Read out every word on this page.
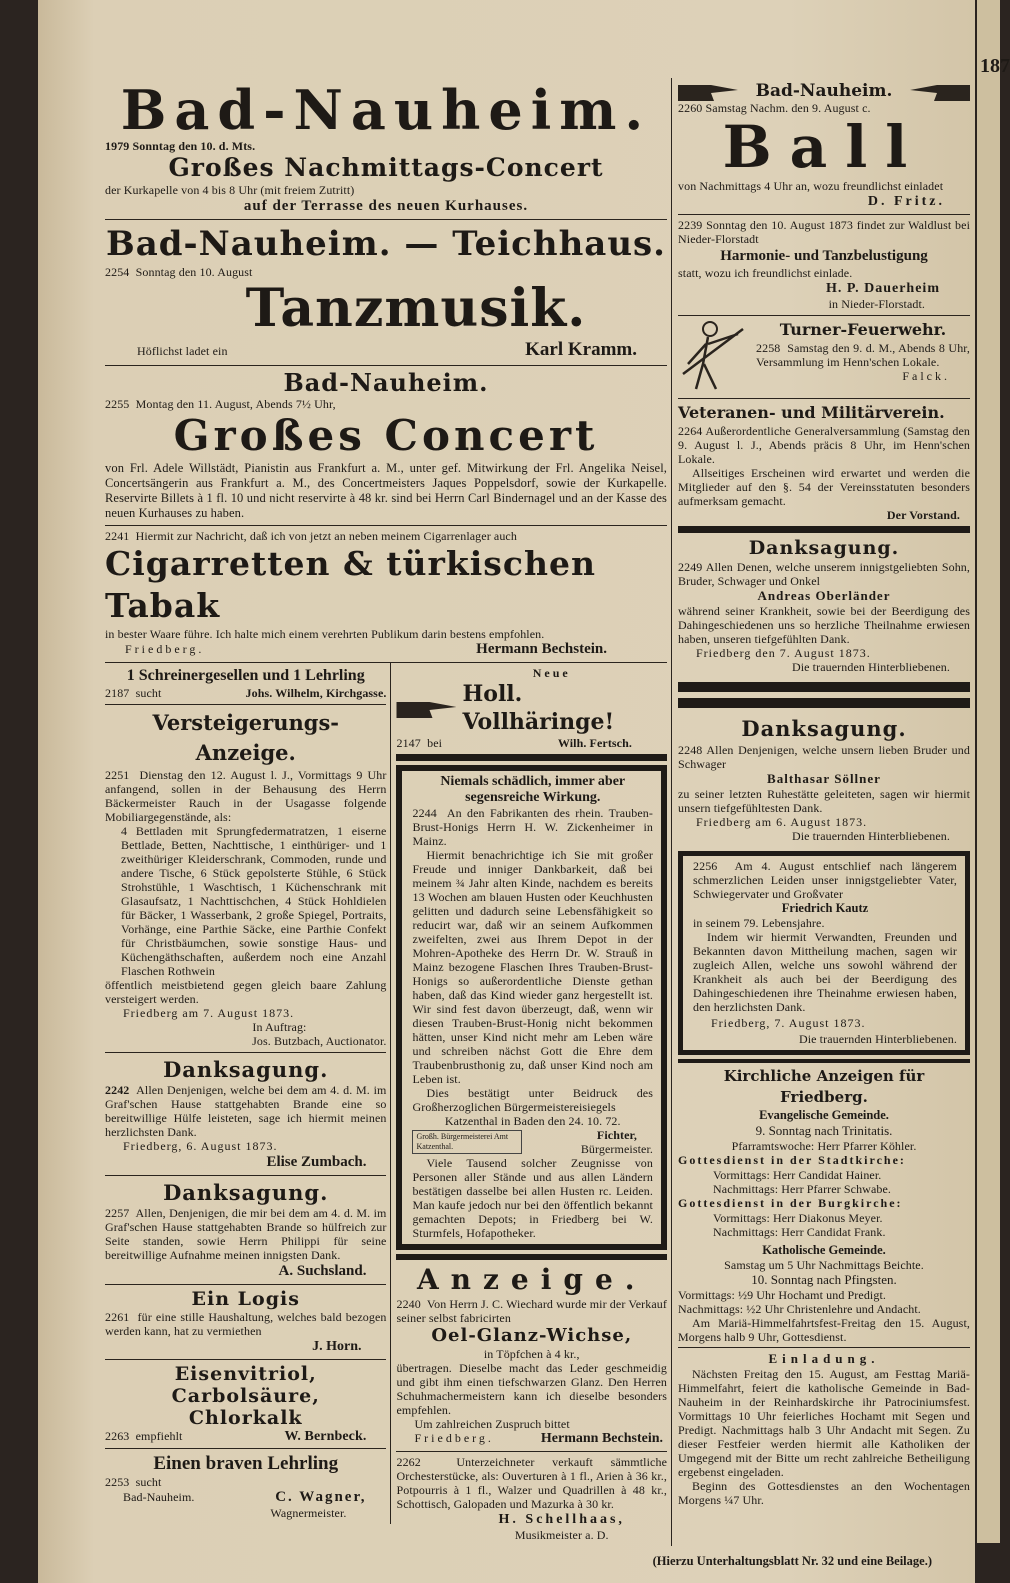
187
Bad-Nauheim.
1979 Sonntag den 10. d. Mts.
Großes Nachmittags-Concert
der Kurkapelle von 4 bis 8 Uhr (mit freiem Zutritt)
auf der Terrasse des neuen Kurhauses.
Bad-Nauheim. — Teichhaus.
2254 Sonntag den 10. August
Tanzmusik.
Höflichst ladet ein	Karl Kramm.
Bad-Nauheim.
2255 Montag den 11. August, Abends 7½ Uhr,
Großes Concert
von Frl. Adele Willstädt, Pianistin aus Frankfurt a. M., unter gef. Mitwirkung der Frl. Angelika Neisel, Concertsängerin aus Frankfurt a. M., des Concertmeisters Jaques Poppelsdorf, sowie der Kurkapelle. Reservirte Billets à 1 fl. 10 und nicht reservirte à 48 kr. sind bei Herrn Carl Bindernagel und an der Kasse des neuen Kurhauses zu haben.
2241 Hiermit zur Nachricht, daß ich von jetzt an neben meinem Cigarrenlager auch
Cigarretten & türkischen Tabak
in bester Waare führe. Ich halte mich einem verehrten Publikum darin bestens empfohlen.
Friedberg.	Hermann Bechstein.
1 Schreinergesellen und 1 Lehrling
2187 sucht	Johs. Wilhelm, Kirchgasse.
Versteigerungs-Anzeige.
2251 Dienstag den 12. August l. J., Vormittags 9 Uhr anfangend, sollen in der Behausung des Herrn Bäckermeister Rauch in der Usagasse folgende Mobiliargegenstände, als:
4 Bettladen mit Sprungfedermatratzen, 1 eiserne Bettlade, Betten, Nachttische, 1 einthüriger- und 1 zweithüriger Kleiderschrank, Commoden, runde und andere Tische, 6 Stück gepolsterte Stühle, 6 Stück Strohstühle, 1 Waschtisch, 1 Küchenschrank mit Glasaufsatz, 1 Nachttischchen, 4 Stück Hohldielen für Bäcker, 1 Wasserbank, 2 große Spiegel, Portraits, Vorhänge, eine Parthie Säcke, eine Parthie Confekt für Christbäumchen, sowie sonstige Haus- und Küchengäthschaften, außerdem noch eine Anzahl Flaschen Rothwein
öffentlich meistbietend gegen gleich baare Zahlung versteigert werden.
Friedberg am 7. August 1873.
In Auftrag:
Jos. Butzbach, Auctionator.
Danksagung.
2242 Allen Denjenigen, welche bei dem am 4. d. M. im Graf'schen Hause stattgehabten Brande eine so bereitwillige Hülfe leisteten, sage ich hiermit meinen herzlichsten Dank.
Friedberg, 6. August 1873.
Elise Zumbach.
Danksagung.
2257 Allen, Denjenigen, die mir bei dem am 4. d. M. im Graf'schen Hause stattgehabten Brande so hülfreich zur Seite standen, sowie Herrn Philippi für seine bereitwillige Aufnahme meinen innigsten Dank.
A. Suchsland.
Ein Logis
2261 für eine stille Haushaltung, welches bald bezogen werden kann, hat zu vermiethen
J. Horn.
Eisenvitriol,
Carbolsäure,
Chlorkalk
2263 empfiehlt	W. Bernbeck.
Einen braven Lehrling
2253 sucht
Bad-Nauheim.	C. Wagner,
Wagnermeister.
Neue
Holl. Vollhäringe!
2147 bei	Wilh. Fertsch.
Niemals schädlich, immer aber segensreiche Wirkung.
2244 An den Fabrikanten des rhein. Trauben-Brust-Honigs Herrn H. W. Zickenheimer in Mainz.
Hiermit benachrichtige ich Sie mit großer Freude und inniger Dankbarkeit, daß bei meinem ¾ Jahr alten Kinde, nachdem es bereits 13 Wochen am blauen Husten oder Keuchhusten gelitten und dadurch seine Lebensfähigkeit so reducirt war, daß wir an seinem Aufkommen zweifelten, zwei aus Ihrem Depot in der Mohren-Apotheke des Herrn Dr. W. Strauß in Mainz bezogene Flaschen Ihres Trauben-Brust-Honigs so außerordentliche Dienste gethan haben, daß das Kind wieder ganz hergestellt ist. Wir sind fest davon überzeugt, daß, wenn wir diesen Trauben-Brust-Honig nicht bekommen hätten, unser Kind nicht mehr am Leben wäre und schreiben nächst Gott die Ehre dem Traubenbrusthonig zu, daß unser Kind noch am Leben ist.
Dies bestätigt unter Beidruck des Großherzoglichen Bürgermeistereisiegels
Katzenthal in Baden den 24. 10. 72.
Großh. Bürgermeisterei Amt Katzenthal.
Fichter,
Bürgermeister.
Viele Tausend solcher Zeugnisse von Personen aller Stände und aus allen Ländern bestätigen dasselbe bei allen Husten rc. Leiden. Man kaufe jedoch nur bei den öffentlich bekannt gemachten Depots; in Friedberg bei W. Sturmfels, Hofapotheker.
Anzeige.
2240 Von Herrn J. C. Wiechard wurde mir der Verkauf seiner selbst fabricirten
Oel-Glanz-Wichse,
in Töpfchen à 4 kr.,
übertragen. Dieselbe macht das Leder geschmeidig und gibt ihm einen tiefschwarzen Glanz. Den Herren Schuhmachermeistern kann ich dieselbe besonders empfehlen.
Um zahlreichen Zuspruch bittet
Friedberg.	Hermann Bechstein.
2262	Unterzeichneter verkauft sämmtliche Orchesterstücke, als: Ouverturen à 1 fl., Arien à 36 kr., Potpourris à 1 fl., Walzer und Quadrillen à 48 kr., Schottisch, Galopaden und Mazurka à 30 kr.
H. Schellhaas,
Musikmeister a. D.
Bad-Nauheim.
2260 Samstag Nachm. den 9. August c.
Ball
von Nachmittags 4 Uhr an, wozu freundlichst einladet
D. Fritz.
2239 Sonntag den 10. August 1873 findet zur Waldlust bei Nieder-Florstadt
Harmonie- und Tanzbelustigung
statt, wozu ich freundlichst einlade.
H. P. Dauerheim
in Nieder-Florstadt.
Turner-Feuerwehr.
2258 Samstag den 9. d. M., Abends 8 Uhr, Versammlung im Henn'schen Lokale.
Falck.
Veteranen- und Militärverein.
2264 Außerordentliche Generalversammlung (Samstag den 9. August l. J., Abends präcis 8 Uhr, im Henn'schen Lokale.
Allseitiges Erscheinen wird erwartet und werden die Mitglieder auf den §. 54 der Vereinsstatuten besonders aufmerksam gemacht.
Der Vorstand.
Danksagung.
2249 Allen Denen, welche unserem innigstgeliebten Sohn, Bruder, Schwager und Onkel
Andreas Oberländer
während seiner Krankheit, sowie bei der Beerdigung des Dahingeschiedenen uns so herzliche Theilnahme erwiesen haben, unseren tiefgefühlten Dank.
Friedberg den 7. August 1873.
Die trauernden Hinterbliebenen.
Danksagung.
2248 Allen Denjenigen, welche unsern lieben Bruder und Schwager
Balthasar Söllner
zu seiner letzten Ruhestätte geleiteten, sagen wir hiermit unsern tiefgefühltesten Dank.
Friedberg am 6. August 1873.
Die trauernden Hinterbliebenen.
2256 Am 4. August entschlief nach längerem schmerzlichen Leiden unser innigstgeliebter Vater, Schwiegervater und Großvater
Friedrich Kautz
in seinem 79. Lebensjahre.
Indem wir hiermit Verwandten, Freunden und Bekannten davon Mittheilung machen, sagen wir zugleich Allen, welche uns sowohl während der Krankheit als auch bei der Beerdigung des Dahingeschiedenen ihre Theinahme erwiesen haben, den herzlichsten Dank.
Friedberg, 7. August 1873.
Die trauernden Hinterbliebenen.
Kirchliche Anzeigen für Friedberg.
Evangelische Gemeinde.
9. Sonntag nach Trinitatis.
Pfarramtswoche: Herr Pfarrer Köhler.
Gottesdienst in der Stadtkirche:
Vormittags: Herr Candidat Hainer.
Nachmittags: Herr Pfarrer Schwabe.
Gottesdienst in der Burgkirche:
Vormittags: Herr Diakonus Meyer.
Nachmittags: Herr Candidat Frank.
Katholische Gemeinde.
Samstag um 5 Uhr Nachmittags Beichte.
10. Sonntag nach Pfingsten.
Vormittags: ½9 Uhr Hochamt und Predigt.
Nachmittags: ½2 Uhr Christenlehre und Andacht.
Am Mariä-Himmelfahrtsfest-Freitag den 15. August, Morgens halb 9 Uhr, Gottesdienst.
Einladung.
Nächsten Freitag den 15. August, am Festtag Mariä-Himmelfahrt, feiert die katholische Gemeinde in Bad-Nauheim in der Reinhardskirche ihr Patrociniumsfest. Vormittags 10 Uhr feierliches Hochamt mit Segen und Predigt. Nachmittags halb 3 Uhr Andacht mit Segen. Zu dieser Festfeier werden hiermit alle Katholiken der Umgegend mit der Bitte um recht zahlreiche Betheiligung ergebenst eingeladen.
Beginn des Gottesdienstes an den Wochentagen Morgens ¼7 Uhr.
(Hierzu Unterhaltungsblatt Nr. 32 und eine Beilage.)
